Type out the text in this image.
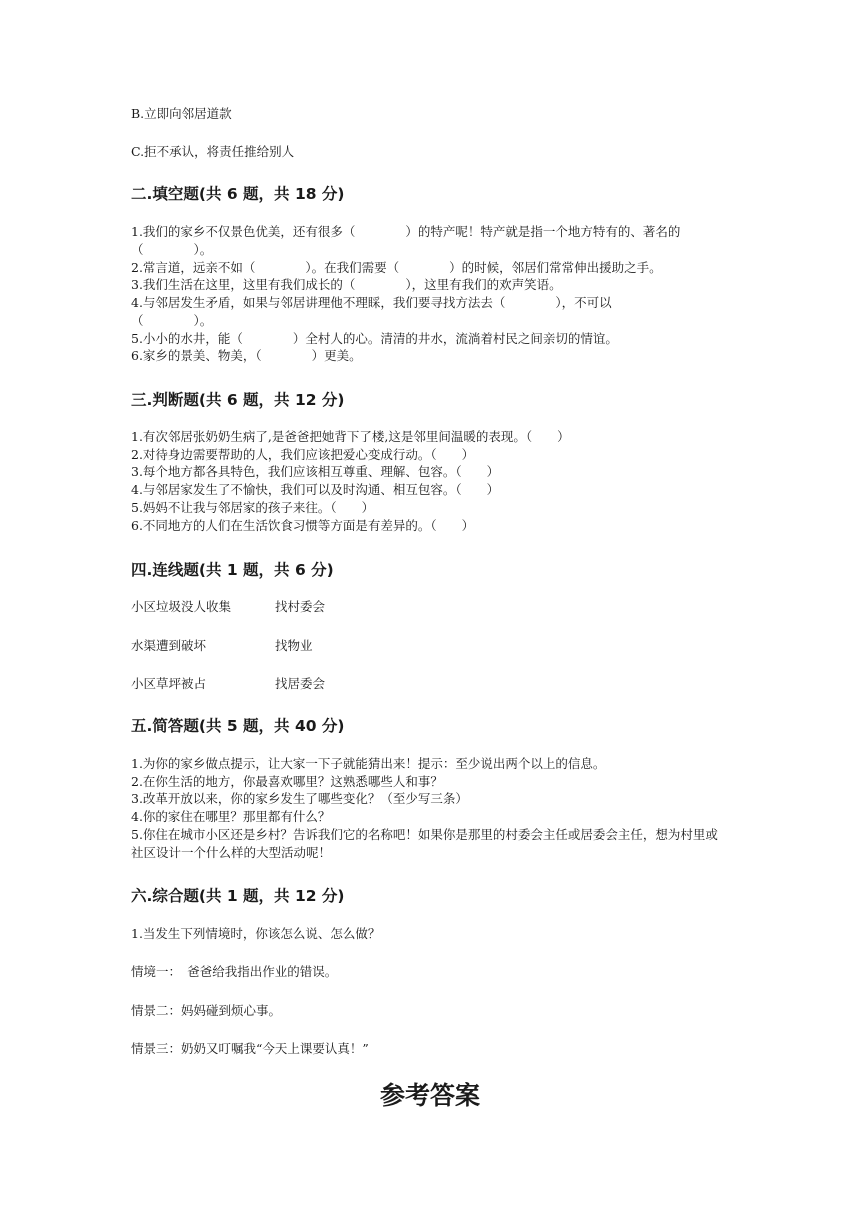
B.立即向邻居道款
C.拒不承认，将责任推给别人
二.填空题(共 6 题，共 18 分)
1.我们的家乡不仅景色优美，还有很多（　　　　）的特产呢！特产就是指一个地方特有的、著名的（　　　　）。
2.常言道，远亲不如（　　　　）。在我们需要（　　　　）的时候，邻居们常常伸出援助之手。
3.我们生活在这里，这里有我们成长的（　　　　），这里有我们的欢声笑语。
4.与邻居发生矛盾，如果与邻居讲理他不理睬，我们要寻找方法去（　　　　），不可以（　　　　）。
5.小小的水井，能（　　　　）全村人的心。清清的井水，流淌着村民之间亲切的情谊。
6.家乡的景美、物美，（　　　　）更美。
三.判断题(共 6 题，共 12 分)
1.有次邻居张奶奶生病了,是爸爸把她背下了楼,这是邻里间温暖的表现。（　　）
2.对待身边需要帮助的人，我们应该把爱心变成行动。（　　）
3.每个地方都各具特色，我们应该相互尊重、理解、包容。（　　）
4.与邻居家发生了不愉快，我们可以及时沟通、相互包容。（　　）
5.妈妈不让我与邻居家的孩子来往。（　　）
6.不同地方的人们在生活饮食习惯等方面是有差异的。（　　）
四.连线题(共 1 题，共 6 分)
小区垃圾没人收集	找村委会
水渠遭到破坏	找物业
小区草坪被占	找居委会
五.简答题(共 5 题，共 40 分)
1.为你的家乡做点提示，让大家一下子就能猜出来！提示：至少说出两个以上的信息。
2.在你生活的地方，你最喜欢哪里？这熟悉哪些人和事？
3.改革开放以来，你的家乡发生了哪些变化？（至少写三条）
4.你的家住在哪里？那里都有什么？
5.你住在城市小区还是乡村？告诉我们它的名称吧！如果你是那里的村委会主任或居委会主任，想为村里或社区设计一个什么样的大型活动呢！
六.综合题(共 1 题，共 12 分)
1.当发生下列情境时，你该怎么说、怎么做？
情境一：　爸爸给我指出作业的错误。
情景二：妈妈碰到烦心事。
情景三：奶奶又叮嘱我“今天上课要认真！”
参考答案
